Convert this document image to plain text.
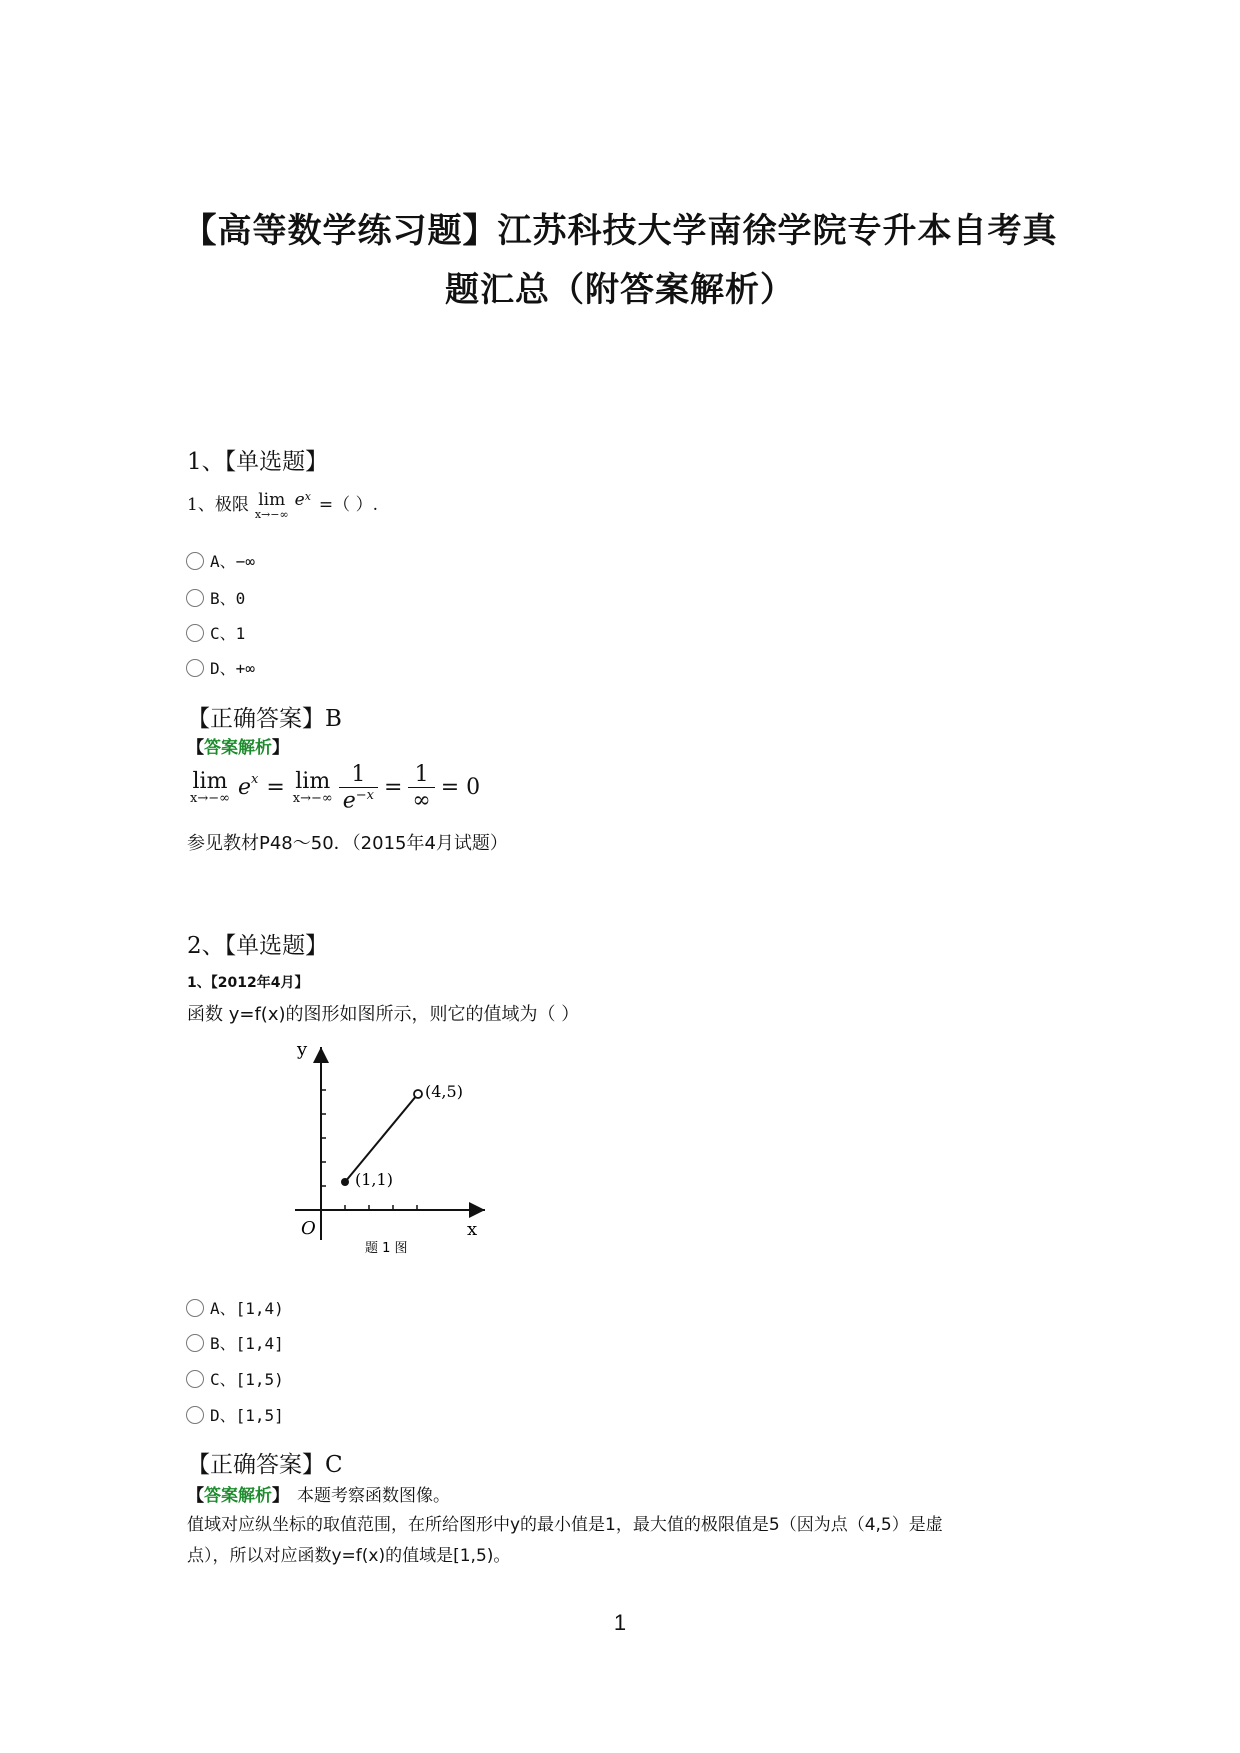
【高等数学练习题】江苏科技大学南徐学院专升本自考真
题汇总（附答案解析）
1、【单选题】
1、极限 lim
x→−∞
$e^x$ =（ ）.
A、−∞
B、0
C、1
D、+∞
【正确答案】B
【答案解析】
lim
x→−∞ $e^x = \lim$
$x\to-\infty \frac{1}{e^{-x}}$ =
1
∞
= 0
参见教材P48～50．（2015年4月试题）
2、【单选题】
1、【2012年4月】
函数 y=f(x)的图形如图所示，则它的值域为（ ）
y
x
O
(4,5)
(1,1)
题 1 图
A、[1,4)
B、[1,4]
C、[1,5)
D、[1,5]
【正确答案】C
【答案解析】 本题考察函数图像。
值域对应纵坐标的取值范围，在所给图形中y的最小值是1，最大值的极限值是5（因为点（4,5）是虚
点），所以对应函数y=f(x)的值域是[1,5)。
1
